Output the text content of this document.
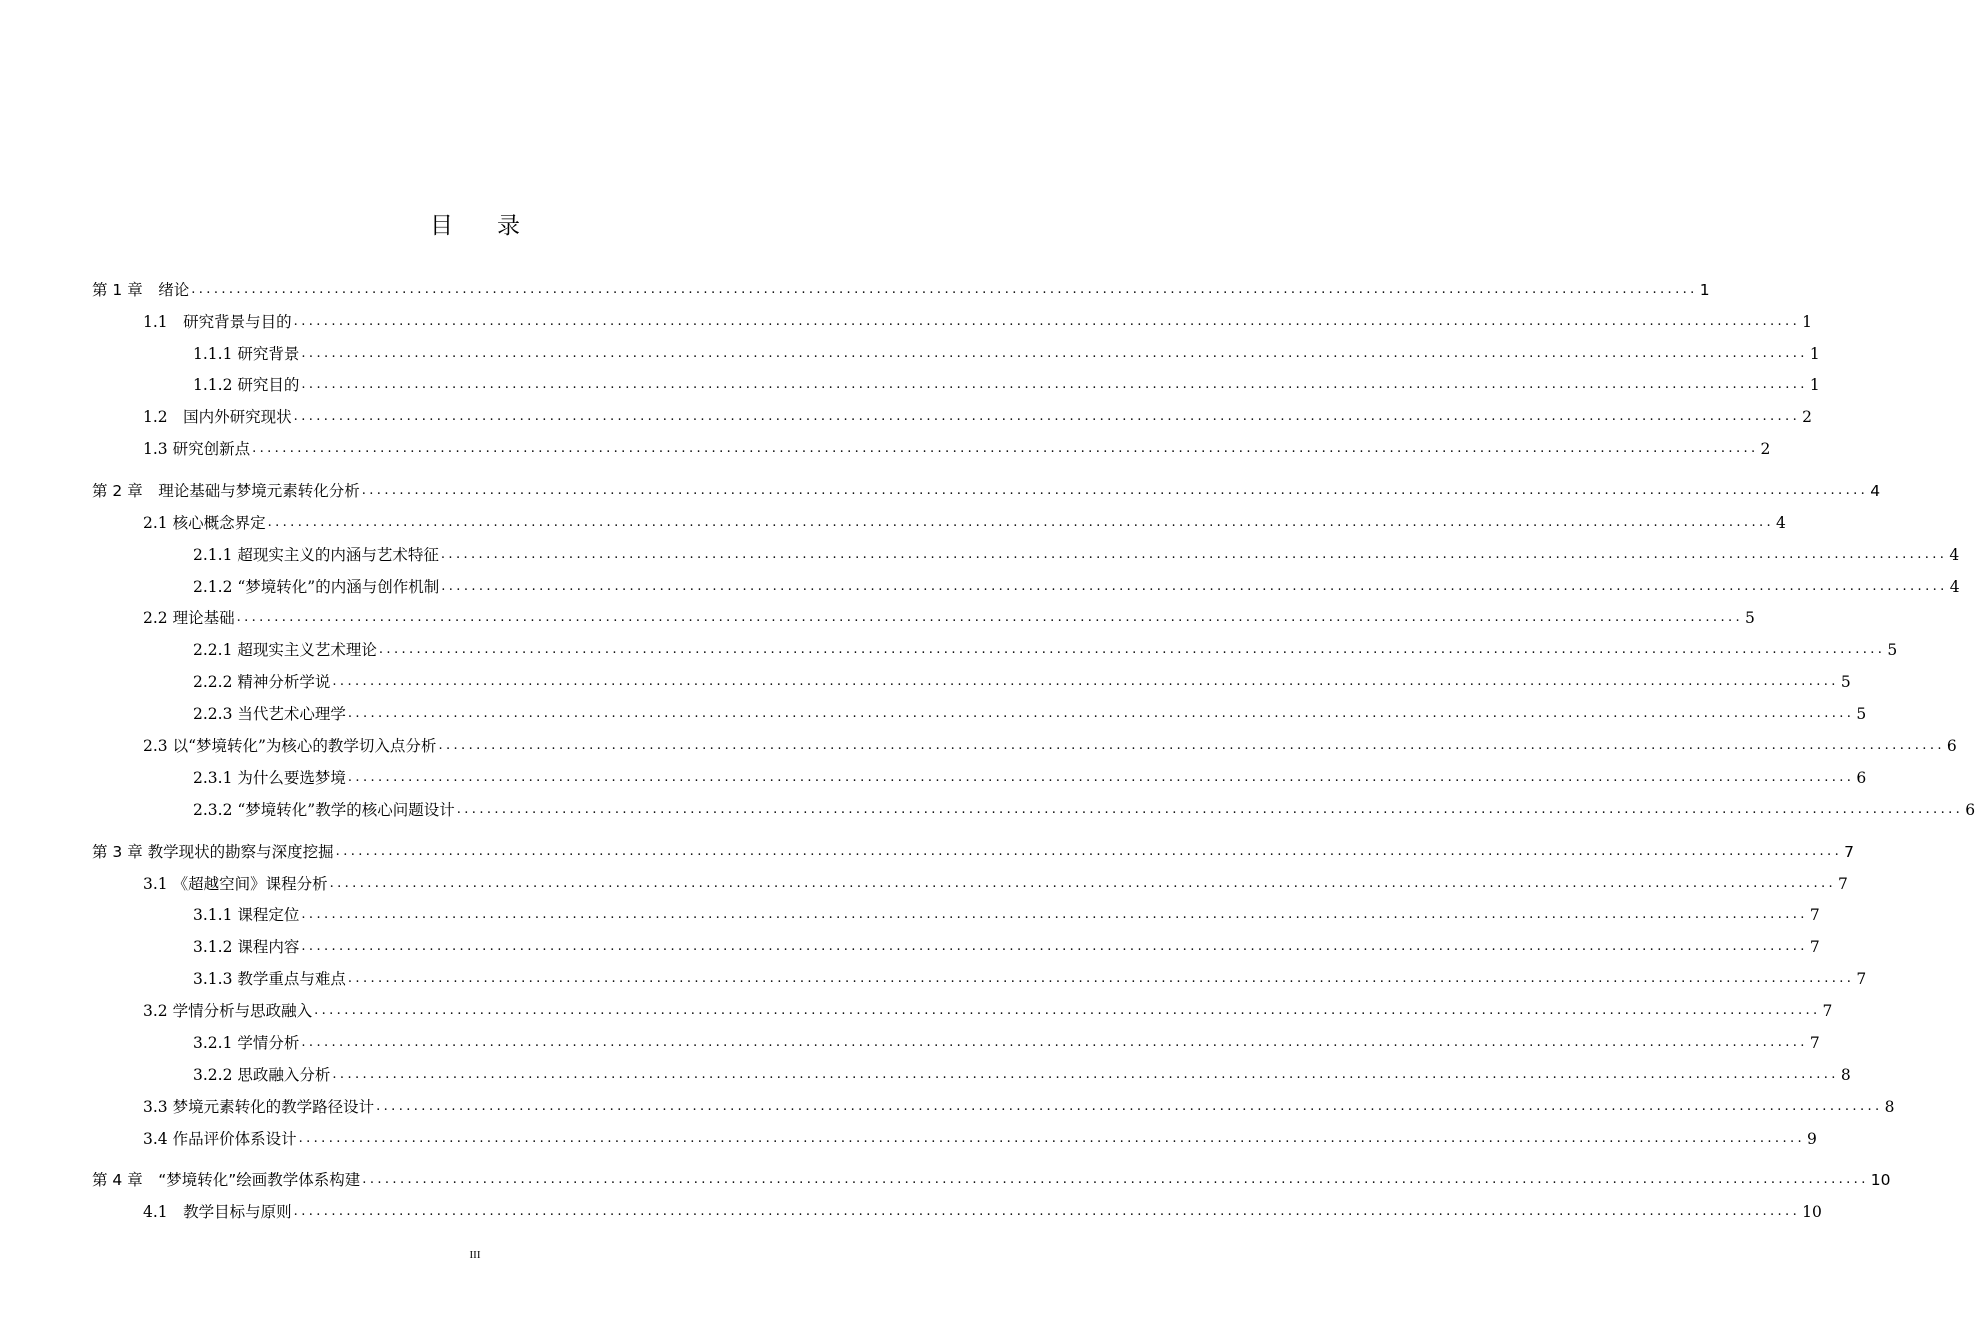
目录
第 1 章　绪论 ........................................................................................................................................................................................................ 1
1.1　研究背景与目的 ........................................................................................................................................................................................................ 1
1.1.1 研究背景 ........................................................................................................................................................................................................ 1
1.1.2 研究目的 ........................................................................................................................................................................................................ 1
1.2　国内外研究现状 ........................................................................................................................................................................................................ 2
1.3 研究创新点 ........................................................................................................................................................................................................ 2
第 2 章　理论基础与梦境元素转化分析 ........................................................................................................................................................................................................ 4
2.1 核心概念界定 ........................................................................................................................................................................................................ 4
2.1.1 超现实主义的内涵与艺术特征 ........................................................................................................................................................................................................ 4
2.1.2 “梦境转化”的内涵与创作机制 ........................................................................................................................................................................................................ 4
2.2 理论基础 ........................................................................................................................................................................................................ 5
2.2.1 超现实主义艺术理论 ........................................................................................................................................................................................................ 5
2.2.2 精神分析学说 ........................................................................................................................................................................................................ 5
2.2.3 当代艺术心理学 ........................................................................................................................................................................................................ 5
2.3 以“梦境转化”为核心的教学切入点分析 ........................................................................................................................................................................................................ 6
2.3.1 为什么要选梦境 ........................................................................................................................................................................................................ 6
2.3.2 “梦境转化”教学的核心问题设计 ........................................................................................................................................................................................................ 6
第 3 章 教学现状的勘察与深度挖掘 ........................................................................................................................................................................................................ 7
3.1 《超越空间》课程分析 ........................................................................................................................................................................................................ 7
3.1.1 课程定位 ........................................................................................................................................................................................................ 7
3.1.2 课程内容 ........................................................................................................................................................................................................ 7
3.1.3 教学重点与难点 ........................................................................................................................................................................................................ 7
3.2 学情分析与思政融入 ........................................................................................................................................................................................................ 7
3.2.1 学情分析 ........................................................................................................................................................................................................ 7
3.2.2 思政融入分析 ........................................................................................................................................................................................................ 8
3.3 梦境元素转化的教学路径设计 ........................................................................................................................................................................................................ 8
3.4 作品评价体系设计 ........................................................................................................................................................................................................ 9
第 4 章　“梦境转化”绘画教学体系构建 ........................................................................................................................................................................................................ 10
4.1　教学目标与原则 ........................................................................................................................................................................................................ 10
III
